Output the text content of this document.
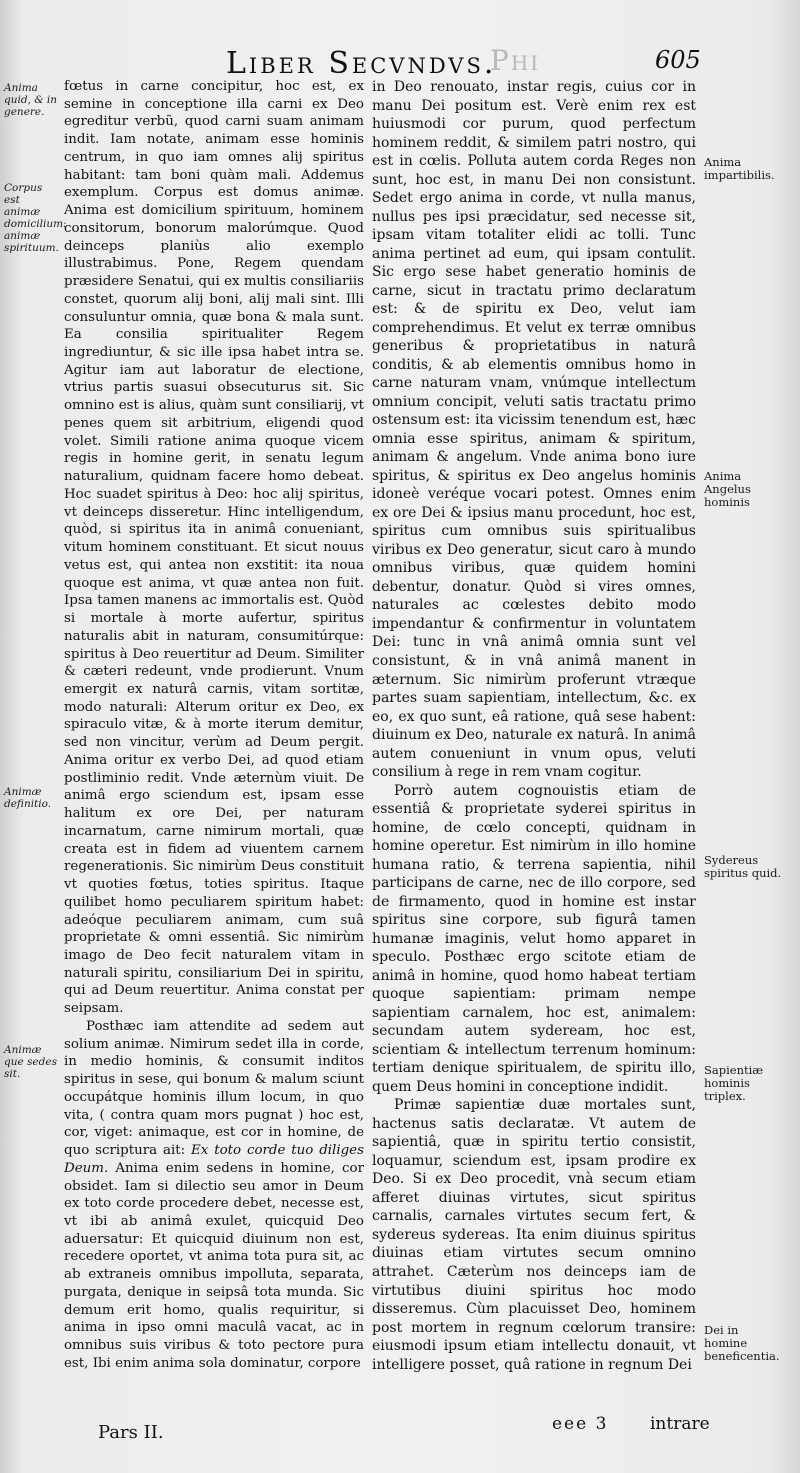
Liber Secvndvs.
Phi	605
Anima quid, & in genere.
Corpus est animæ domicilium: animæ spirituum.
Animæ definitio.
Animæ que sedes sit.
Anima impartibilis.
Anima Angelus hominis
Sydereus spiritus quid.
Sapientiæ hominis triplex.
Dei in homine beneficentia.

fœtus in carne concipitur, hoc est, ex semine in conceptione illa carni ex Deo egreditur verbũ, quod carni suam animam indit. Iam notate, animam esse hominis centrum, in quo iam omnes alij spiritus habitant: tam boni quàm mali. Addemus exemplum. Corpus est domus animæ. Anima est domicilium spirituum, hominem consitorum, bonorum malorúmque. Quod deinceps planiùs alio exemplo illustrabimus. Pone, Regem quendam præsidere Senatui, qui ex multis consiliariis constet, quorum alij boni, alij mali sint. Illi consuluntur omnia, quæ bona & mala sunt. Ea consilia spiritualiter Regem ingrediuntur, & sic ille ipsa habet intra se. Agitur iam aut laboratur de electione, vtrius partis suasui obsecuturus sit. Sic omnino est is alius, quàm sunt consiliarij, vt penes quem sit arbitrium, eligendi quod volet. Simili ratione anima quoque vicem regis in homine gerit, in senatu legum naturalium, quidnam facere homo debeat. Hoc suadet spiritus à Deo: hoc alij spiritus, vt deinceps disseretur. Hinc intelligendum, quòd, si spiritus ita in animâ conueniant, vitum hominem constituant. Et sicut nouus vetus est, qui antea non exstitit: ita noua quoque est anima, vt quæ antea non fuit. Ipsa tamen manens ac immortalis est. Quòd si mortale à morte aufertur, spiritus naturalis abit in naturam, consumitúrque: spiritus à Deo reuertitur ad Deum. Similiter & cæteri redeunt, vnde prodierunt. Vnum emergit ex naturâ carnis, vitam sortitæ, modo naturali: Alterum oritur ex Deo, ex spiraculo vitæ, & à morte iterum demitur, sed non vincitur, verùm ad Deum pergit. Anima oritur ex verbo Dei, ad quod etiam postliminio redit. Vnde æternùm viuit. De animâ ergo sciendum est, ipsam esse halitum ex ore Dei, per naturam incarnatum, carne nimirum mortali, quæ creata est in fidem ad viuentem carnem regenerationis. Sic nimirùm Deus constituit vt quoties fœtus, toties spiritus. Itaque quilibet homo peculiarem spiritum habet: adeóque peculiarem animam, cum suâ proprietate & omni essentiâ. Sic nimirùm imago de Deo fecit naturalem vitam in naturali spiritu, consiliarium Dei in spiritu, qui ad Deum reuertitur. Anima constat per seipsam.

Posthæc iam attendite ad sedem aut solium animæ. Nimirum sedet illa in corde, in medio hominis, & consumit inditos spiritus in sese, qui bonum & malum sciunt occupátque hominis illum locum, in quo vita, ( contra quam mors pugnat ) hoc est, cor, viget: animaque, est cor in homine, de quo scriptura ait: Ex toto corde tuo diliges Deum. Anima enim sedens in homine, cor obsidet. Iam si dilectio seu amor in Deum ex toto corde procedere debet, necesse est, vt ibi ab animâ exulet, quicquid Deo aduersatur: Et quicquid diuinum non est, recedere oportet, vt anima tota pura sit, ac ab extraneis omnibus impolluta, separata, purgata, denique in seipsâ tota munda. Sic demum erit homo, qualis requiritur, si anima in ipso omni maculâ vacat, ac in omnibus suis viribus & toto pectore pura est, Ibi enim anima sola dominatur, corpore

in Deo renouato, instar regis, cuius cor in manu Dei positum est. Verè enim rex est huiusmodi cor purum, quod perfectum hominem reddit, & similem patri nostro, qui est in cœlis. Polluta autem corda Reges non sunt, hoc est, in manu Dei non consistunt. Sedet ergo anima in corde, vt nulla manus, nullus pes ipsi præcidatur, sed necesse sit, ipsam vitam totaliter elidi ac tolli. Tunc anima pertinet ad eum, qui ipsam contulit. Sic ergo sese habet generatio hominis de carne, sicut in tractatu primo declaratum est: & de spiritu ex Deo, velut iam comprehendimus. Et velut ex terræ omnibus generibus & proprietatibus in naturâ conditis, & ab elementis omnibus homo in carne naturam vnam, vnúmque intellectum omnium concipit, veluti satis tractatu primo ostensum est: ita vicissim tenendum est, hæc omnia esse spiritus, animam & spiritum, animam & angelum. Vnde anima bono iure spiritus, & spiritus ex Deo angelus hominis idoneè veréque vocari potest. Omnes enim ex ore Dei & ipsius manu procedunt, hoc est, spiritus cum omnibus suis spiritualibus viribus ex Deo generatur, sicut caro à mundo omnibus viribus, quæ quidem homini debentur, donatur. Quòd si vires omnes, naturales ac cœlestes debito modo impendantur & confirmentur in voluntatem Dei: tunc in vnâ animâ omnia sunt vel consistunt, & in vnâ animâ manent in æternum. Sic nimirùm proferunt vtræque partes suam sapientiam, intellectum, &c. ex eo, ex quo sunt, eâ ratione, quâ sese habent: diuinum ex Deo, naturale ex naturâ. In animâ autem conueniunt in vnum opus, veluti consilium à rege in rem vnam cogitur.

Porrò autem cognouistis etiam de essentiâ & proprietate syderei spiritus in homine, de cœlo concepti, quidnam in homine operetur. Est nimirùm in illo homine humana ratio, & terrena sapientia, nihil participans de carne, nec de illo corpore, sed de firmamento, quod in homine est instar spiritus sine corpore, sub figurâ tamen humanæ imaginis, velut homo apparet in speculo. Posthæc ergo scitote etiam de animâ in homine, quod homo habeat tertiam quoque sapientiam: primam nempe sapientiam carnalem, hoc est, animalem: secundam autem sydeream, hoc est, scientiam & intellectum terrenum hominum: tertiam denique spiritualem, de spiritu illo, quem Deus homini in conceptione indidit.

Primæ sapientiæ duæ mortales sunt, hactenus satis declaratæ. Vt autem de sapientiâ, quæ in spiritu tertio consistit, loquamur, sciendum est, ipsam prodire ex Deo. Si ex Deo procedit, vnà secum etiam afferet diuinas virtutes, sicut spiritus carnalis, carnales virtutes secum fert, & sydereus sydereas. Ita enim diuinus spiritus diuinas etiam virtutes secum omnino attrahet. Cæterùm nos deinceps iam de virtutibus diuini spiritus hoc modo disseremus. Cùm placuisset Deo, hominem post mortem in regnum cœlorum transire: eiusmodi ipsum etiam intellectu donauit, vt intelligere posset, quâ ratione in regnum Dei

Pars II.	eee 3 intrare
